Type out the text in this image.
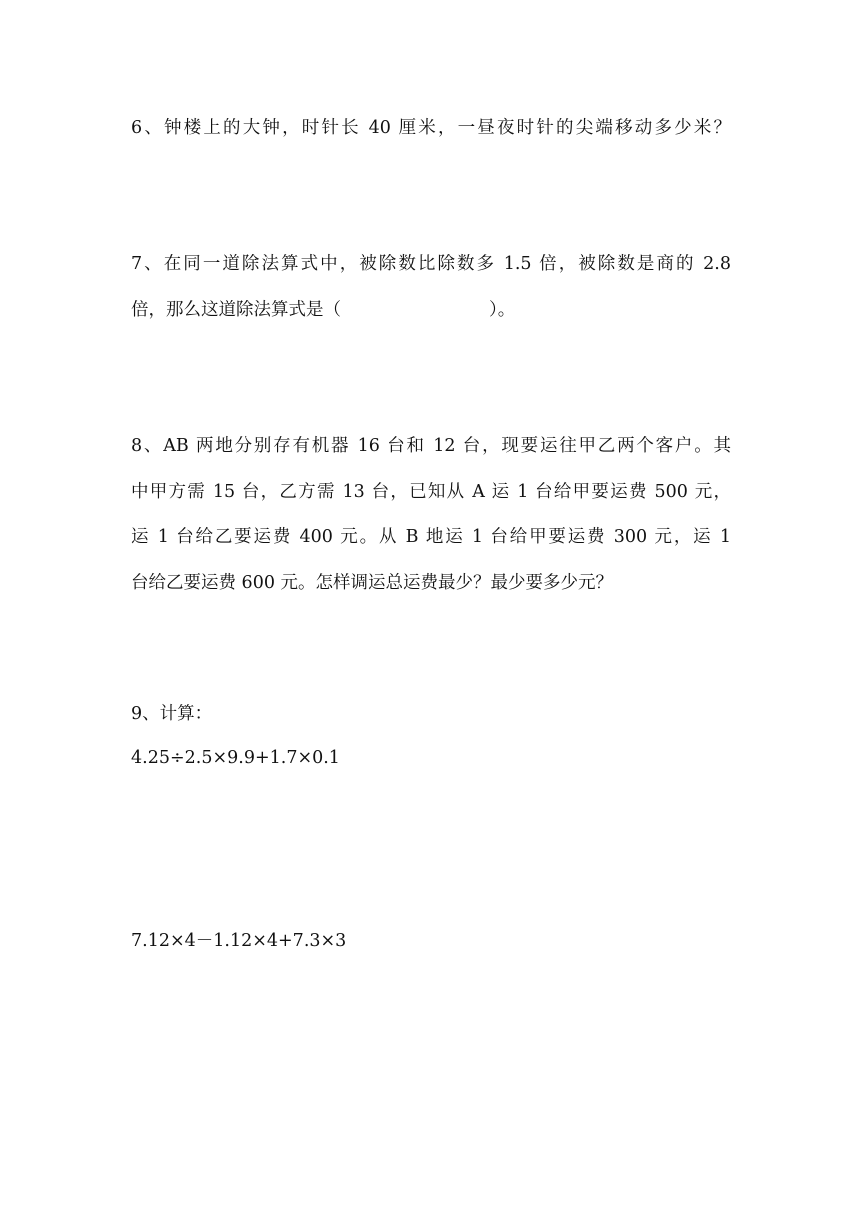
6、钟楼上的大钟，时针长 40 厘米，一昼夜时针的尖端移动多少米？

7、在同一道除法算式中，被除数比除数多 1.5 倍，被除数是商的 2.8

倍，那么这道除法算式是（	）。

8、AB 两地分别存有机器 16 台和 12 台，现要运往甲乙两个客户。其

中甲方需 15 台，乙方需 13 台，已知从 A 运 1 台给甲要运费 500 元，

运 1 台给乙要运费 400 元。从 B 地运 1 台给甲要运费 300 元，运 1

台给乙要运费 600 元。怎样调运总运费最少？最少要多少元？

9、计算：

4.25÷2.5×9.9+1.7×0.1

7.12×4－1.12×4+7.3×3
